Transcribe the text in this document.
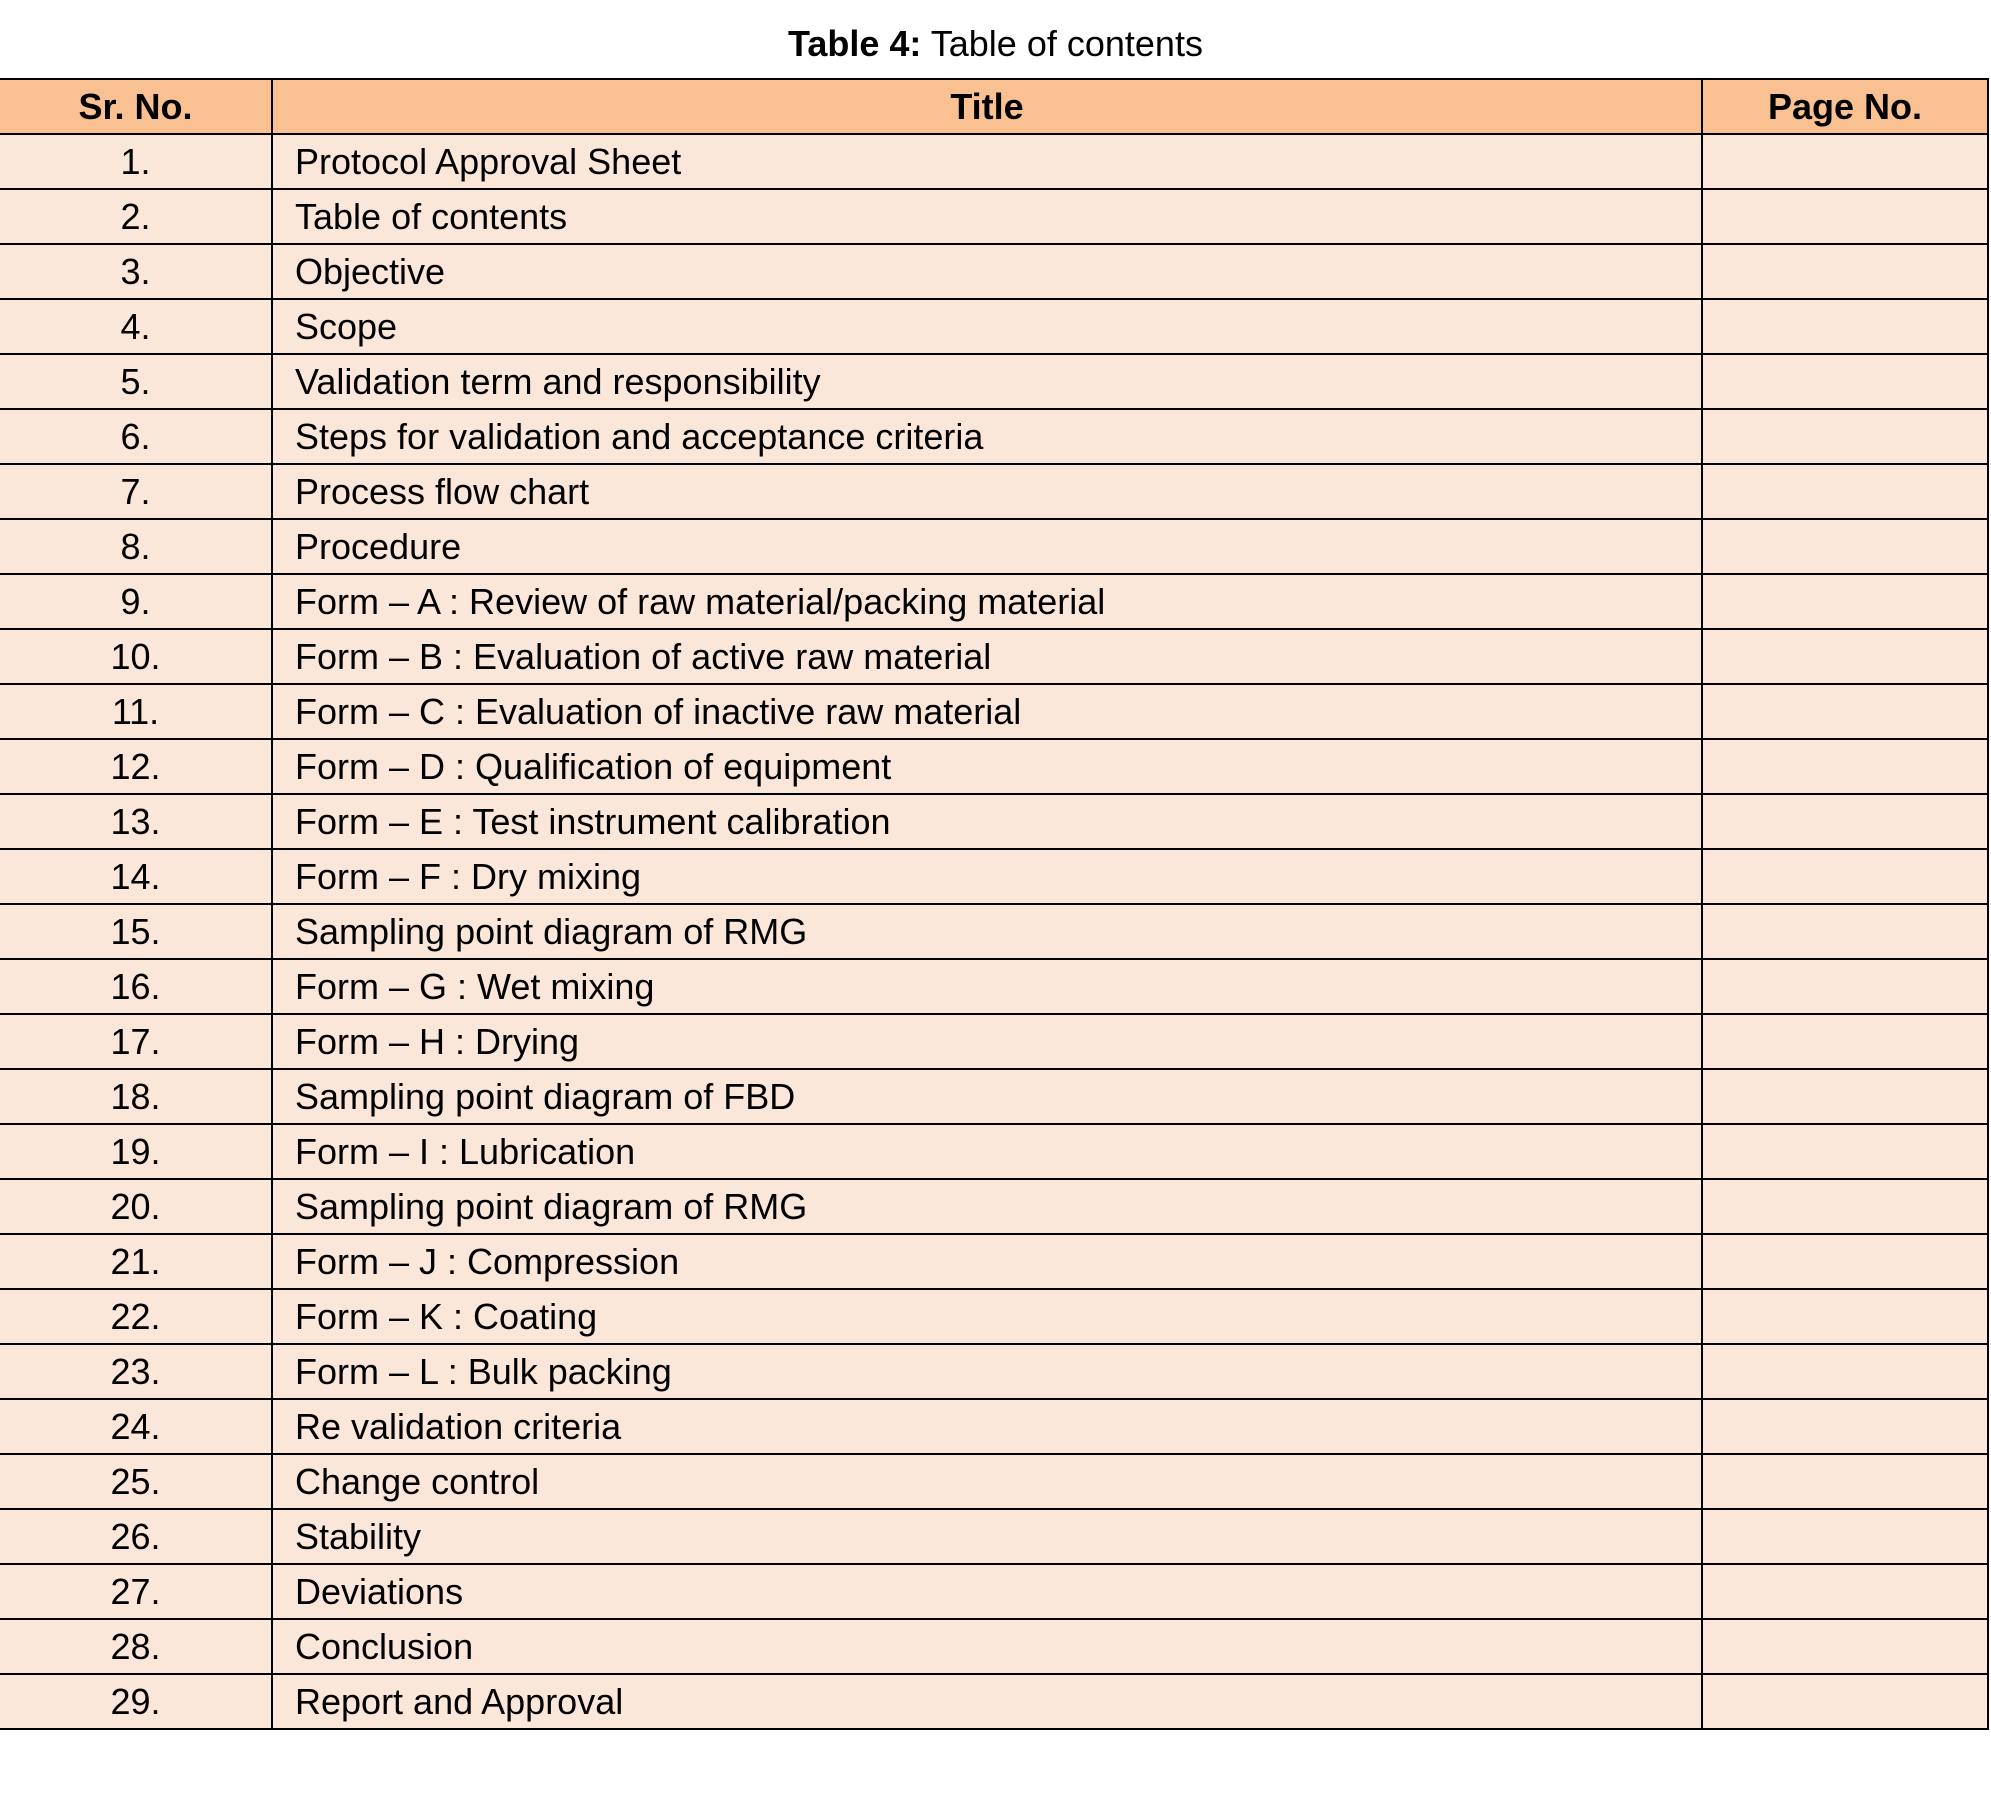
Table 4: Table of contents
Sr. No.	Title	Page No.
1.	Protocol Approval Sheet	
2.	Table of contents	
3.	Objective	
4.	Scope	
5.	Validation term and responsibility	
6.	Steps for validation and acceptance criteria	
7.	Process flow chart	
8.	Procedure	
9.	Form – A : Review of raw material/packing material	
10.	Form – B : Evaluation of active raw material	
11.	Form – C : Evaluation of inactive raw material	
12.	Form – D : Qualification of equipment	
13.	Form – E : Test instrument calibration	
14.	Form – F : Dry mixing	
15.	Sampling point diagram of RMG	
16.	Form – G : Wet mixing	
17.	Form – H : Drying	
18.	Sampling point diagram of FBD	
19.	Form – I : Lubrication	
20.	Sampling point diagram of RMG	
21.	Form – J : Compression	
22.	Form – K : Coating	
23.	Form – L : Bulk packing	
24.	Re validation criteria	
25.	Change control	
26.	Stability	
27.	Deviations	
28.	Conclusion	
29.	Report and Approval	
